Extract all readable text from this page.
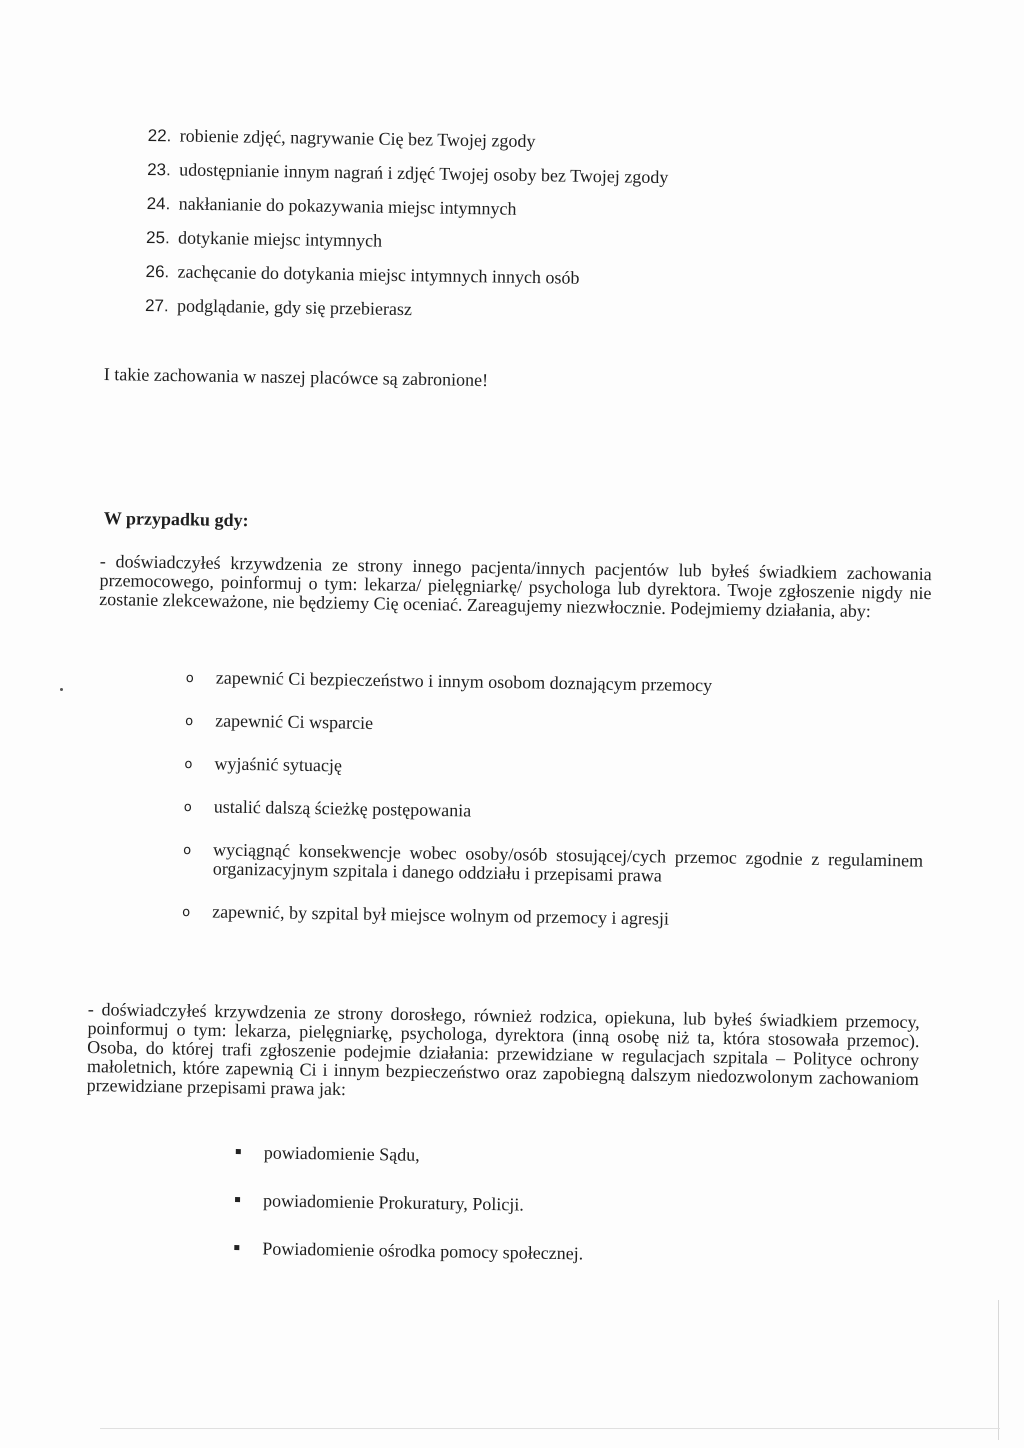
22. robienie zdjęć, nagrywanie Cię bez Twojej zgody
23. udostępnianie innym nagrań i zdjęć Twojej osoby bez Twojej zgody
24. nakłanianie do pokazywania miejsc intymnych
25. dotykanie miejsc intymnych
26. zachęcanie do dotykania miejsc intymnych innych osób
27. podglądanie, gdy się przebierasz
I takie zachowania w naszej placówce są zabronione!
W przypadku gdy:
- doświadczyłeś krzywdzenia ze strony innego pacjenta/innych pacjentów lub byłeś świadkiem zachowania przemocowego, poinformuj o tym: lekarza/ pielęgniarkę/ psychologa lub dyrektora. Twoje zgłoszenie nigdy nie zostanie zlekceważone, nie będziemy Cię oceniać. Zareagujemy niezwłocznie. Podejmiemy działania, aby:
o zapewnić Ci bezpieczeństwo i innym osobom doznającym przemocy
o zapewnić Ci wsparcie
o wyjaśnić sytuację
o ustalić dalszą ścieżkę postępowania
o wyciągnąć konsekwencje wobec osoby/osób stosującej/cych przemoc zgodnie z regulaminem organizacyjnym szpitala i danego oddziału i przepisami prawa
o zapewnić, by szpital był miejsce wolnym od przemocy i agresji
- doświadczyłeś krzywdzenia ze strony dorosłego, również rodzica, opiekuna, lub byłeś świadkiem przemocy, poinformuj o tym: lekarza, pielęgniarkę, psychologa, dyrektora (inną osobę niż ta, która stosowała przemoc). Osoba, do której trafi zgłoszenie podejmie działania: przewidziane w regulacjach szpitala – Polityce ochrony małoletnich, które zapewnią Ci i innym bezpieczeństwo oraz zapobiegną dalszym niedozwolonym zachowaniom przewidziane przepisami prawa jak:
powiadomienie Sądu,
powiadomienie Prokuratury, Policji.
Powiadomienie ośrodka pomocy społecznej.
